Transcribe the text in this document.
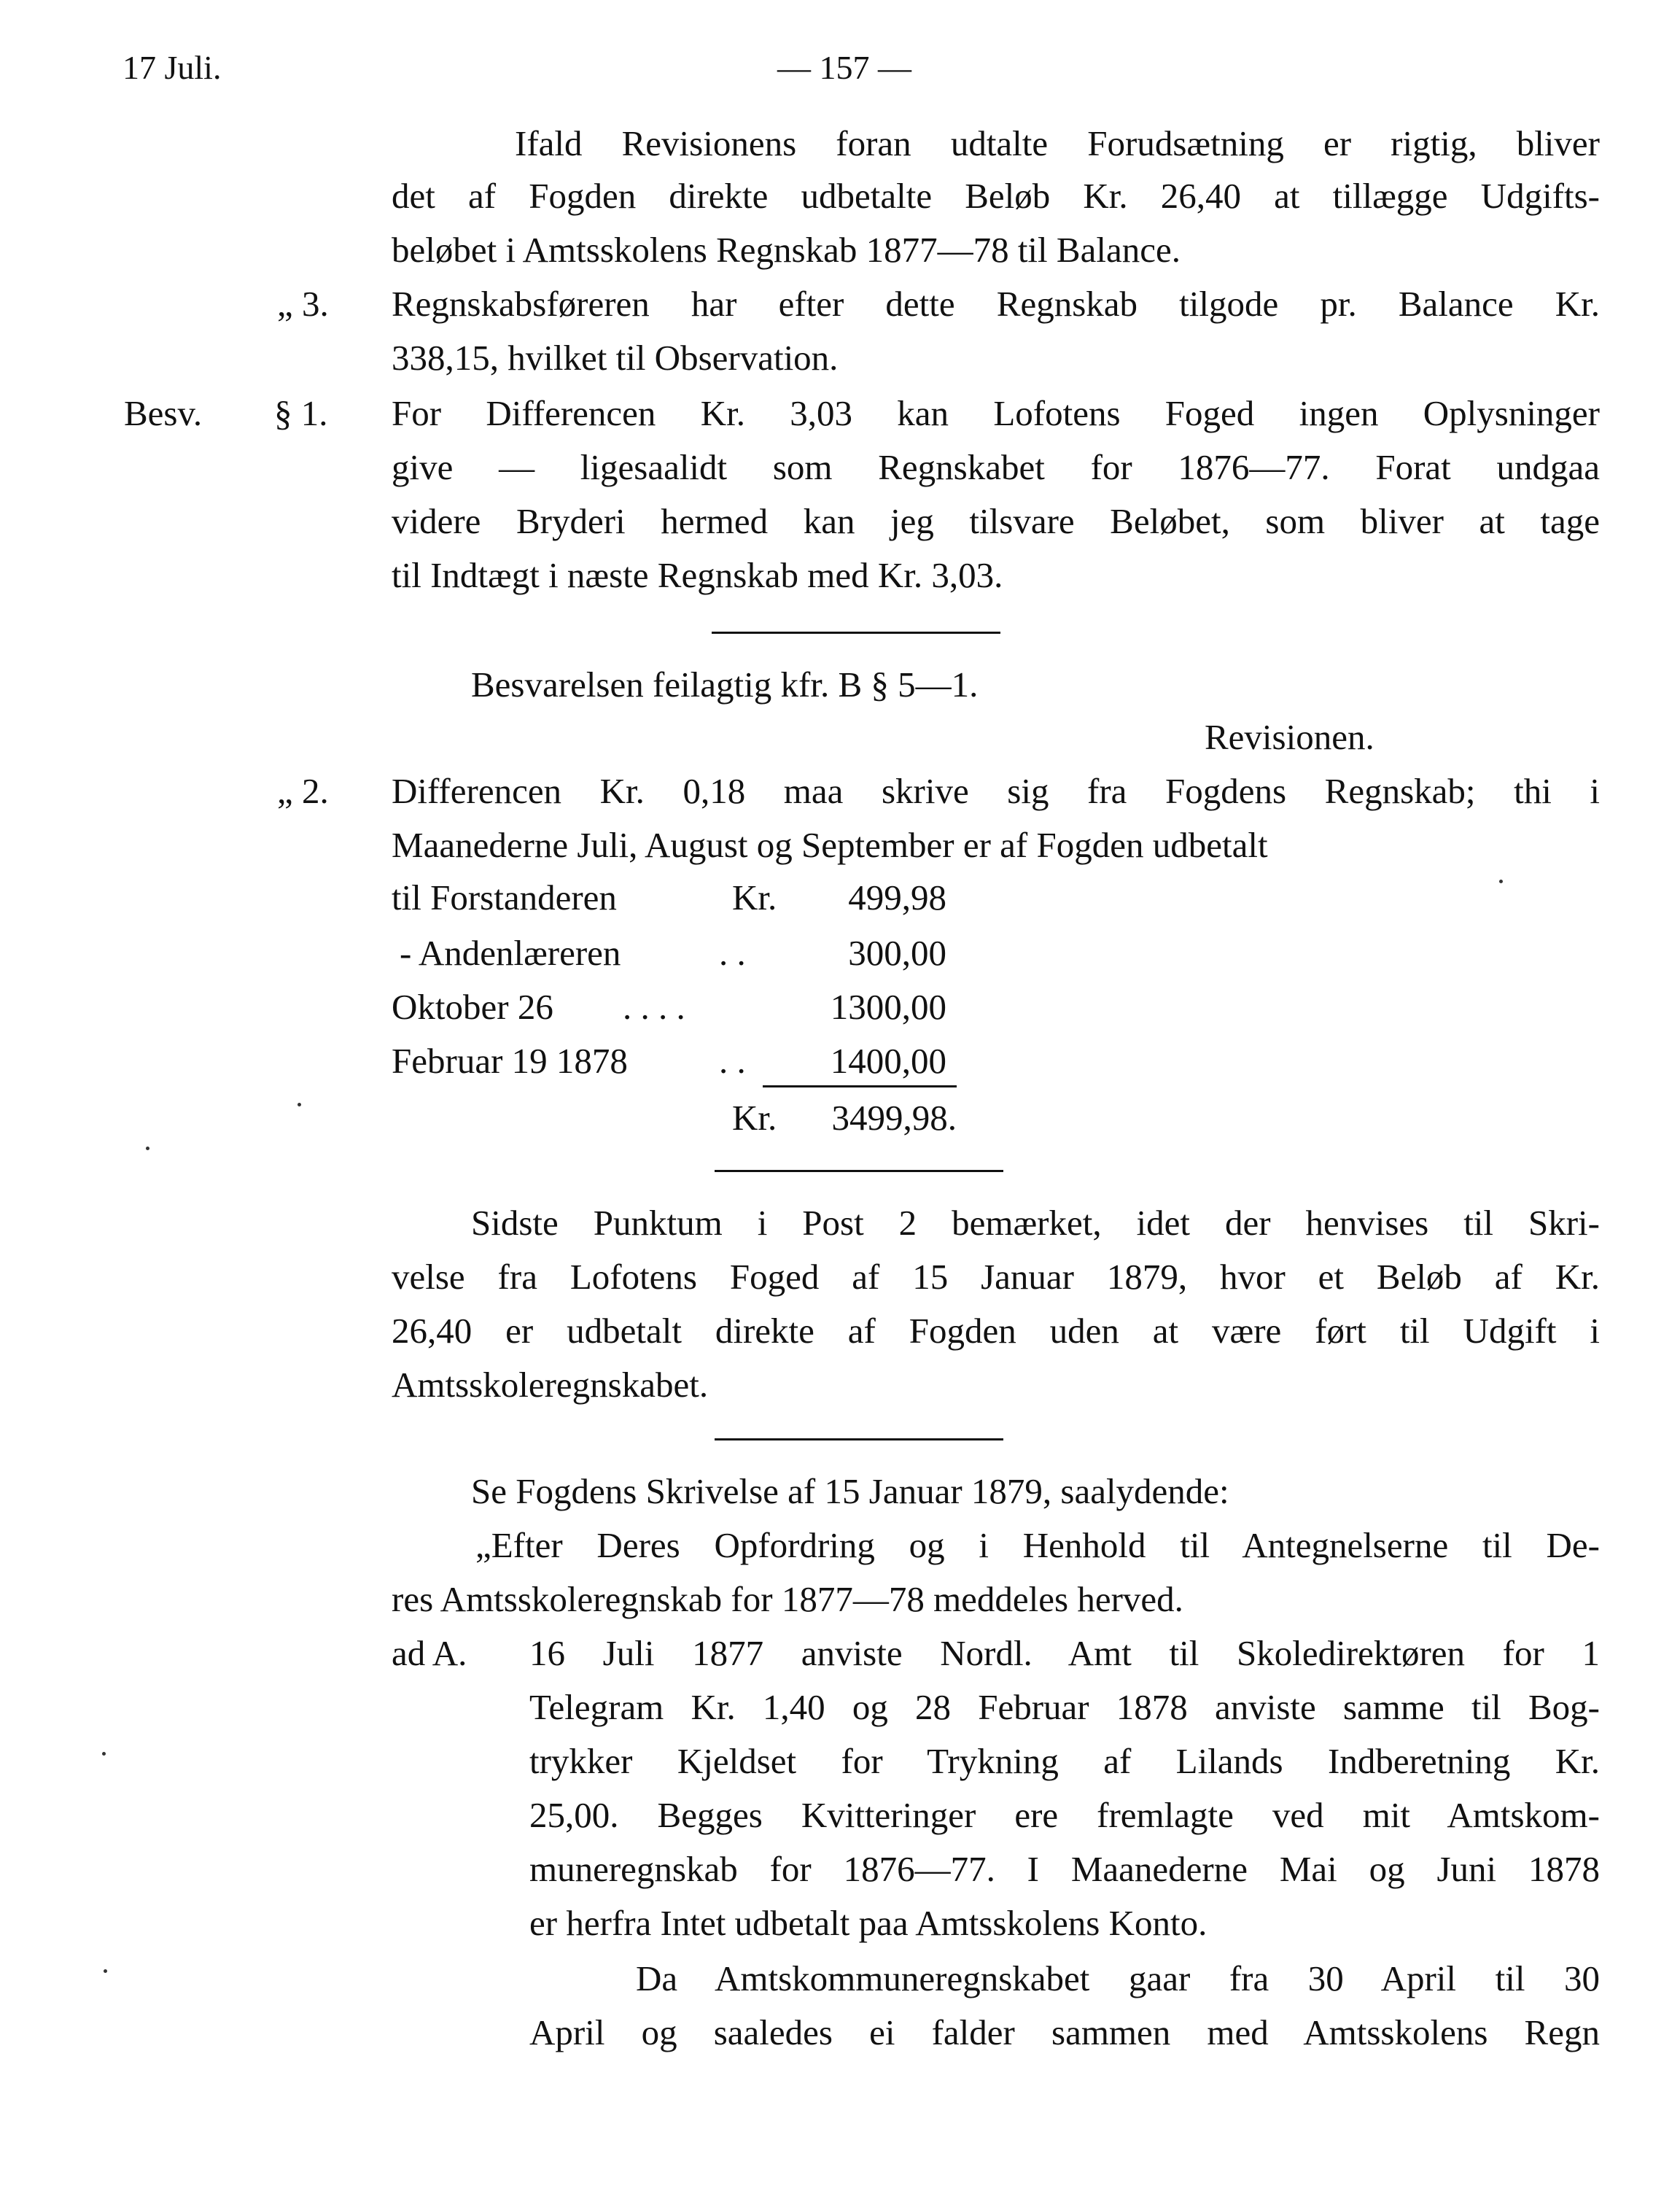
17 Juli.	— 157 —
Ifald Revisionens foran udtalte Forudsætning er rigtig, bliver
det af Fogden direkte udbetalte Beløb Kr. 26,40 at tillægge Udgifts-
beløbet i Amtsskolens Regnskab 1877—78 til Balance.
„ 3. Regnskabsføreren har efter dette Regnskab tilgode pr. Balance Kr.
338,15, hvilket til Observation.
Besv. § 1. For Differencen Kr. 3,03 kan Lofotens Foged ingen Oplysninger
give — ligesaalidt som Regnskabet for 1876—77. Forat undgaa
videre Bryderi hermed kan jeg tilsvare Beløbet, som bliver at tage
til Indtægt i næste Regnskab med Kr. 3,03.
Besvarelsen feilagtig kfr. B § 5—1.
Revisionen.
„ 2. Differencen Kr. 0,18 maa skrive sig fra Fogdens Regnskab; thi i
Maanederne Juli, August og September er af Fogden udbetalt
til Forstanderen	Kr.	499,98
- Andenlæreren	. .	300,00
Oktober 26 . . . .	1300,00
Februar 19 1878	. .	1400,00
Kr.	3499,98.
Sidste Punktum i Post 2 bemærket, idet der henvises til Skri-
velse fra Lofotens Foged af 15 Januar 1879, hvor et Beløb af Kr.
26,40 er udbetalt direkte af Fogden uden at være ført til Udgift i
Amtsskoleregnskabet.
Se Fogdens Skrivelse af 15 Januar 1879, saalydende:
„Efter Deres Opfordring og i Henhold til Antegnelserne til De-
res Amtsskoleregnskab for 1877—78 meddeles herved.
ad A. 16 Juli 1877 anviste Nordl. Amt til Skoledirektøren for 1
Telegram Kr. 1,40 og 28 Februar 1878 anviste samme til Bog-
trykker Kjeldset for Trykning af Lilands Indberetning Kr.
25,00. Begges Kvitteringer ere fremlagte ved mit Amtskom-
muneregnskab for 1876—77. I Maanederne Mai og Juni 1878
er herfra Intet udbetalt paa Amtsskolens Konto.
Da Amtskommuneregnskabet gaar fra 30 April til 30
April og saaledes ei falder sammen med Amtsskolens Regn
